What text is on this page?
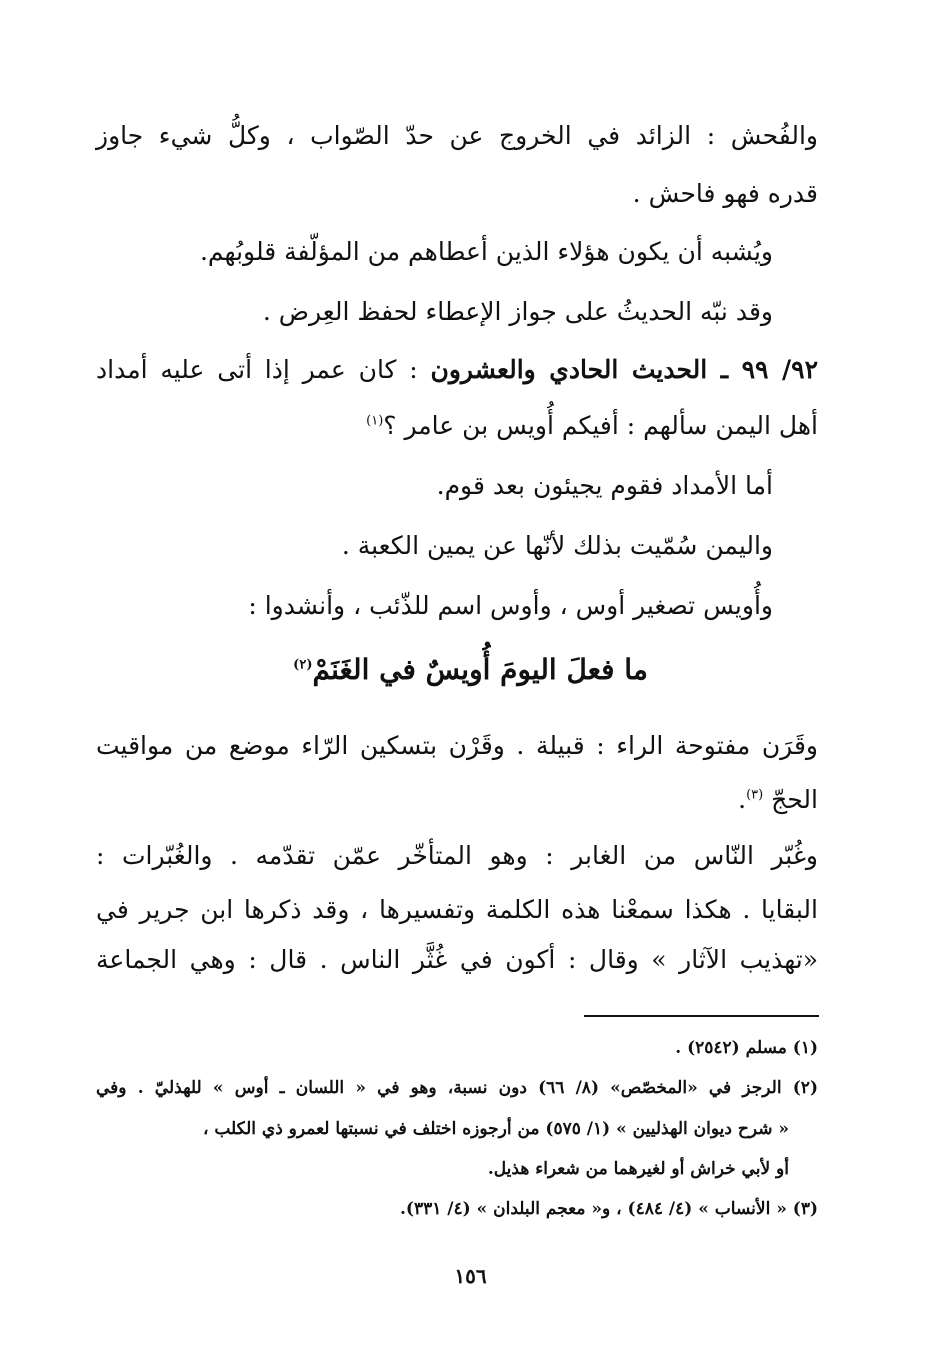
والفُحش : الزائد في الخروج عن حدّ الصّواب ، وكلُّ شيء جاوز
قدره فهو فاحش .
ويُشبه أن يكون هؤلاء الذين أعطاهم من المؤلّفة قلوبُهم.
وقد نبّه الحديثُ على جواز الإعطاء لحفظ العِرض .
٩٢/ ٩٩ ـ الحديث الحادي والعشرون : كان عمر إذا أتى عليه أمداد
أهل اليمن سألهم : أفيكم أُويس بن عامر ؟$^{(١)}$
أما الأمداد فقوم يجيئون بعد قوم.
واليمن سُمّيت بذلك لأنّها عن يمين الكعبة .
وأُويس تصغير أوس ، وأوس اسم للذّئب ، وأنشدوا :
ما فعلَ اليومَ أُويسٌ في الغَنَمْ$^{(٢)}$
وقَرَن مفتوحة الراء : قبيلة . وقَرْن بتسكين الرّاء موضع من مواقيت
الحجّ $^{(٣)}$.
وغُبّر النّاس من الغابر : وهو المتأخّر عمّن تقدّمه . والغُبّرات :
البقايا . هكذا سمعْنا هذه الكلمة وتفسيرها ، وقد ذكرها ابن جرير في
«تهذيب الآثار » وقال : أكون في غُثَّر الناس . قال : وهي الجماعة
(١) مسلم (٢٥٤٢) .
(٢) الرجز في «المخصّص» (٨/ ٦٦) دون نسبة، وهو في « اللسان ـ أوس » للهذليّ . وفي
« شرح ديوان الهذليين » (١/ ٥٧٥) من أرجوزه اختلف في نسبتها لعمرو ذي الكلب ،
أو لأبي خراش أو لغيرهما من شعراء هذيل.
(٣) « الأنساب » (٤/ ٤٨٤) ، و« معجم البلدان » (٤/ ٣٣١).
١٥٦
